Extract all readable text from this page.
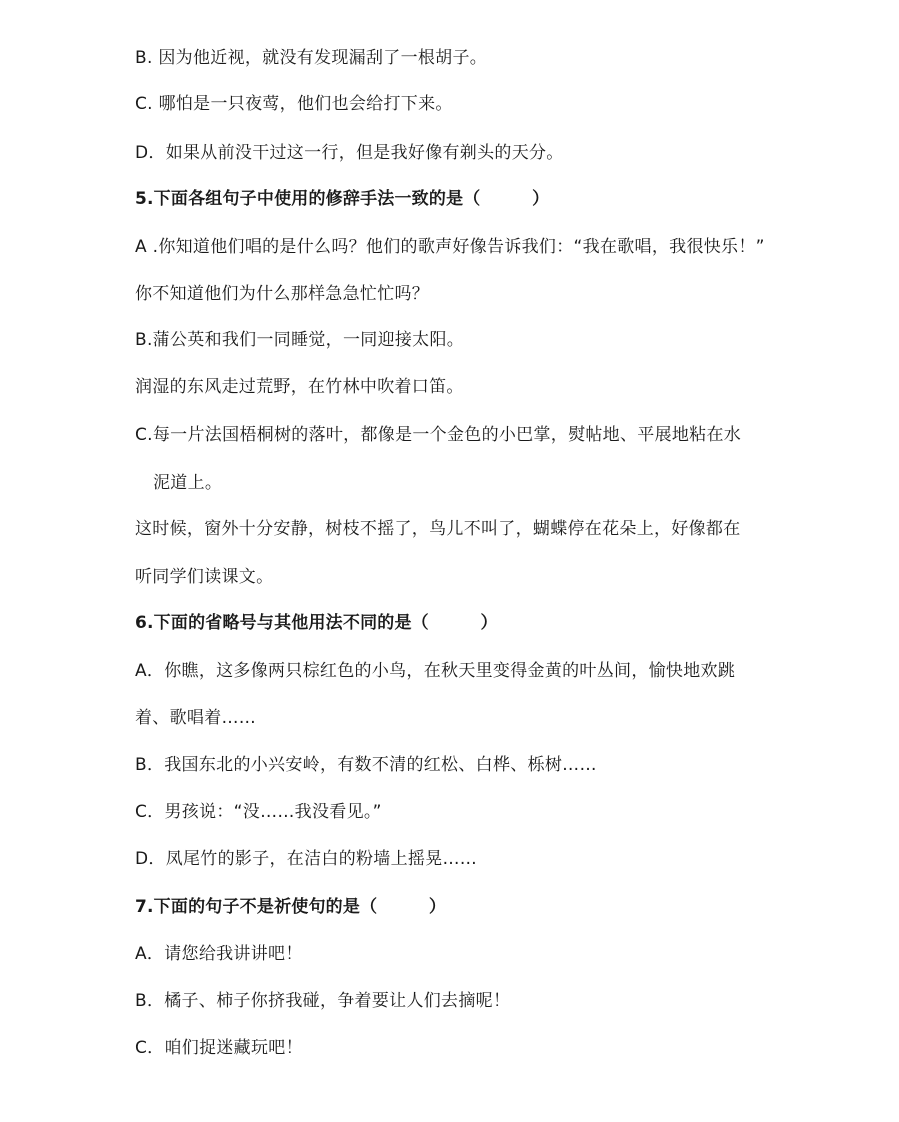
B. 因为他近视，就没有发现漏刮了一根胡子。
C. 哪怕是一只夜莺，他们也会给打下来。
D．如果从前没干过这一行，但是我好像有剃头的天分。
5.下面各组句子中使用的修辞手法一致的是（　　　）
A .你知道他们唱的是什么吗？他们的歌声好像告诉我们：“我在歌唱，我很快乐！”
你不知道他们为什么那样急急忙忙吗？
B.蒲公英和我们一同睡觉，一同迎接太阳。
润湿的东风走过荒野，在竹林中吹着口笛。
C.每一片法国梧桐树的落叶，都像是一个金色的小巴掌，熨帖地、平展地粘在水
泥道上。
这时候，窗外十分安静，树枝不摇了，鸟儿不叫了，蝴蝶停在花朵上，好像都在
听同学们读课文。
6.下面的省略号与其他用法不同的是（　　　）
A．你瞧，这多像两只棕红色的小鸟，在秋天里变得金黄的叶丛间，愉快地欢跳
着、歌唱着……
B．我国东北的小兴安岭，有数不清的红松、白桦、栎树……
C．男孩说：“没……我没看见。”
D．凤尾竹的影子，在洁白的粉墙上摇晃……
7.下面的句子不是祈使句的是（　　　）
A．请您给我讲讲吧！
B．橘子、柿子你挤我碰，争着要让人们去摘呢！
C．咱们捉迷藏玩吧！
